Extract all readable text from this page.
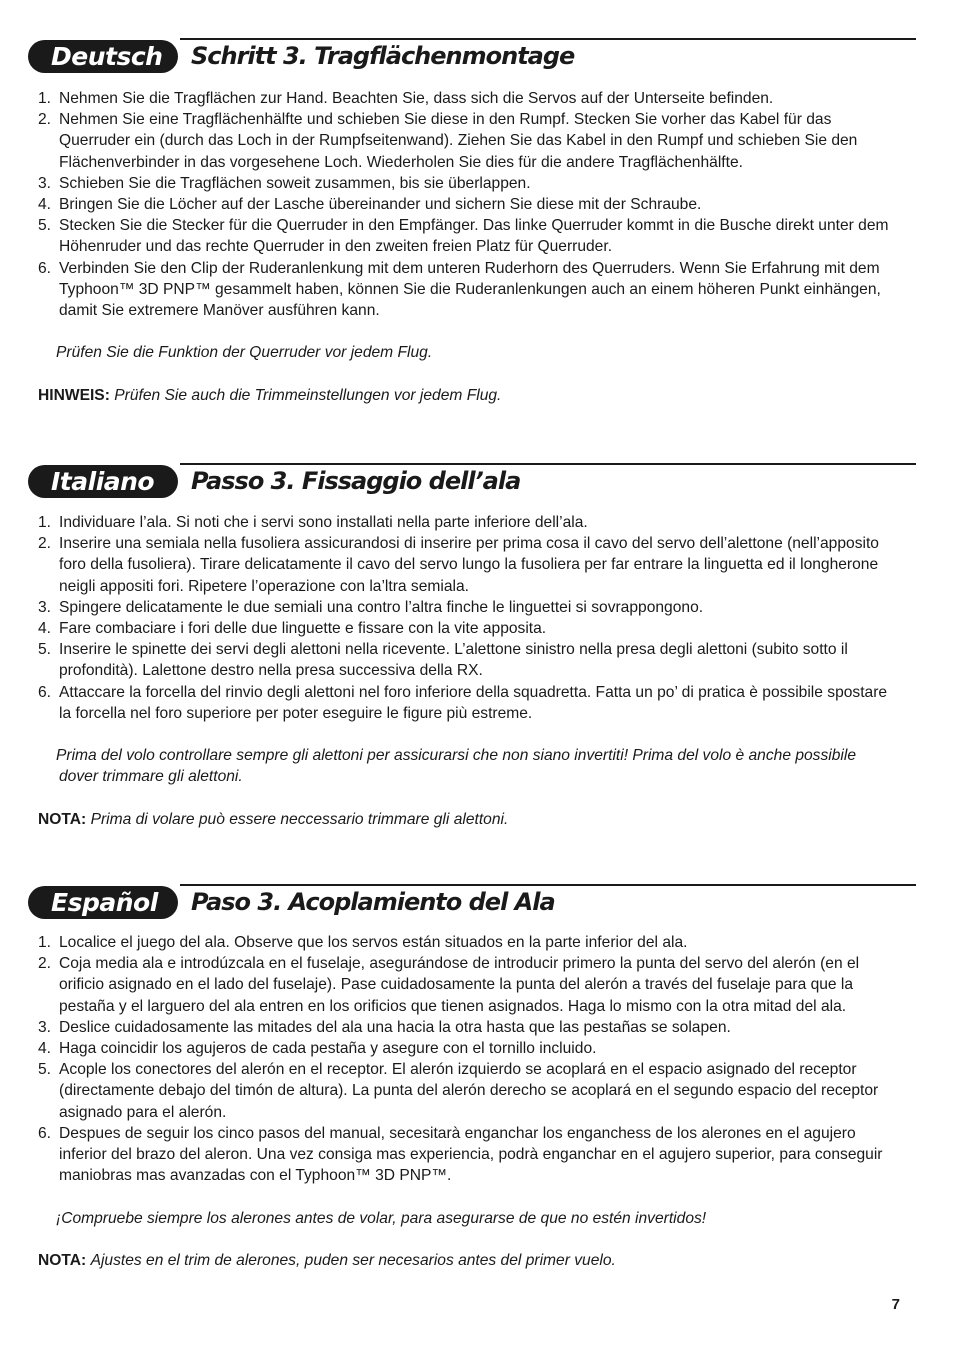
Deutsch	Schritt 3. Tragflächenmontage
1. Nehmen Sie die Tragflächen zur Hand. Beachten Sie, dass sich die Servos auf der Unterseite befinden.
2. Nehmen Sie eine Tragflächenhälfte und schieben Sie diese in den Rumpf. Stecken Sie vorher das Kabel für das Querruder ein (durch das Loch in der Rumpfseitenwand). Ziehen Sie das Kabel in den Rumpf und schieben Sie den Flächenverbinder in das vorgesehene Loch. Wiederholen Sie dies für die andere Tragflächenhälfte.
3. Schieben Sie die Tragflächen soweit zusammen, bis sie überlappen.
4. Bringen Sie die Löcher auf der Lasche übereinander und sichern Sie diese mit der Schraube.
5. Stecken Sie die Stecker für die Querruder in den Empfänger. Das linke Querruder kommt in die Busche direkt unter dem Höhenruder und das rechte Querruder in den zweiten freien Platz für Querruder.
6. Verbinden Sie den Clip der Ruderanlenkung mit dem unteren Ruderhorn des Querruders. Wenn Sie Erfahrung mit dem Typhoon™ 3D PNP™ gesammelt haben, können Sie die Ruderanlenkungen auch an einem höheren Punkt einhängen, damit Sie extremere Manöver ausführen kann.
Prüfen Sie die Funktion der Querruder vor jedem Flug.
HINWEIS: Prüfen Sie auch die Trimmeinstellungen vor jedem Flug.
Italiano	Passo 3. Fissaggio dell’ala
1. Individuare l’ala. Si noti che i servi sono installati nella parte inferiore dell’ala.
2. Inserire una semiala nella fusoliera assicurandosi di inserire per prima cosa il cavo del servo dell’alettone (nell’apposito foro della fusoliera). Tirare delicatamente il cavo del servo lungo la fusoliera per far entrare la linguetta ed il longherone neigli appositi fori. Ripetere l’operazione con la’ltra semiala.
3. Spingere delicatamente le due semiali una contro l’altra finche le linguettei si sovrappongono.
4. Fare combaciare i fori delle due linguette e fissare con la vite apposita.
5. Inserire le spinette dei servi degli alettoni nella ricevente. L’alettone sinistro nella presa degli alettoni (subito sotto il profondità). Lalettone destro nella presa successiva della RX.
6. Attaccare la forcella del rinvio degli alettoni nel foro inferiore della squadretta. Fatta un po’ di pratica è possibile spostare la forcella nel foro superiore per poter eseguire le figure più estreme.
Prima del volo controllare sempre gli alettoni per assicurarsi che non siano invertiti! Prima del volo è anche possibile dover trimmare gli alettoni.
NOTA: Prima di volare può essere neccessario trimmare gli alettoni.
Español	Paso 3. Acoplamiento del Ala
1. Localice el juego del ala. Observe que los servos están situados en la parte inferior del ala.
2. Coja media ala e introdúzcala en el fuselaje, asegurándose de introducir primero la punta del servo del alerón (en el orificio asignado en el lado del fuselaje). Pase cuidadosamente la punta del alerón a través del fuselaje para que la pestaña y el larguero del ala entren en los orificios que tienen asignados. Haga lo mismo con la otra mitad del ala.
3. Deslice cuidadosamente las mitades del ala una hacia la otra hasta que las pestañas se solapen.
4. Haga coincidir los agujeros de cada pestaña y asegure con el tornillo incluido.
5. Acople los conectores del alerón en el receptor. El alerón izquierdo se acoplará en el espacio asignado del receptor (directamente debajo del timón de altura). La punta del alerón derecho se acoplará en el segundo espacio del receptor asignado para el alerón.
6. Despues de seguir los cinco pasos del manual, secesitarà enganchar los enganchess de los alerones en el agujero inferior del brazo del aleron. Una vez consiga mas experiencia, podrà enganchar en el agujero superior, para conseguir maniobras mas avanzadas con el Typhoon™ 3D PNP™.
¡Compruebe siempre los alerones antes de volar, para asegurarse de que no estén invertidos!
NOTA: Ajustes en el trim de alerones, puden ser necesarios antes del primer vuelo.
7
